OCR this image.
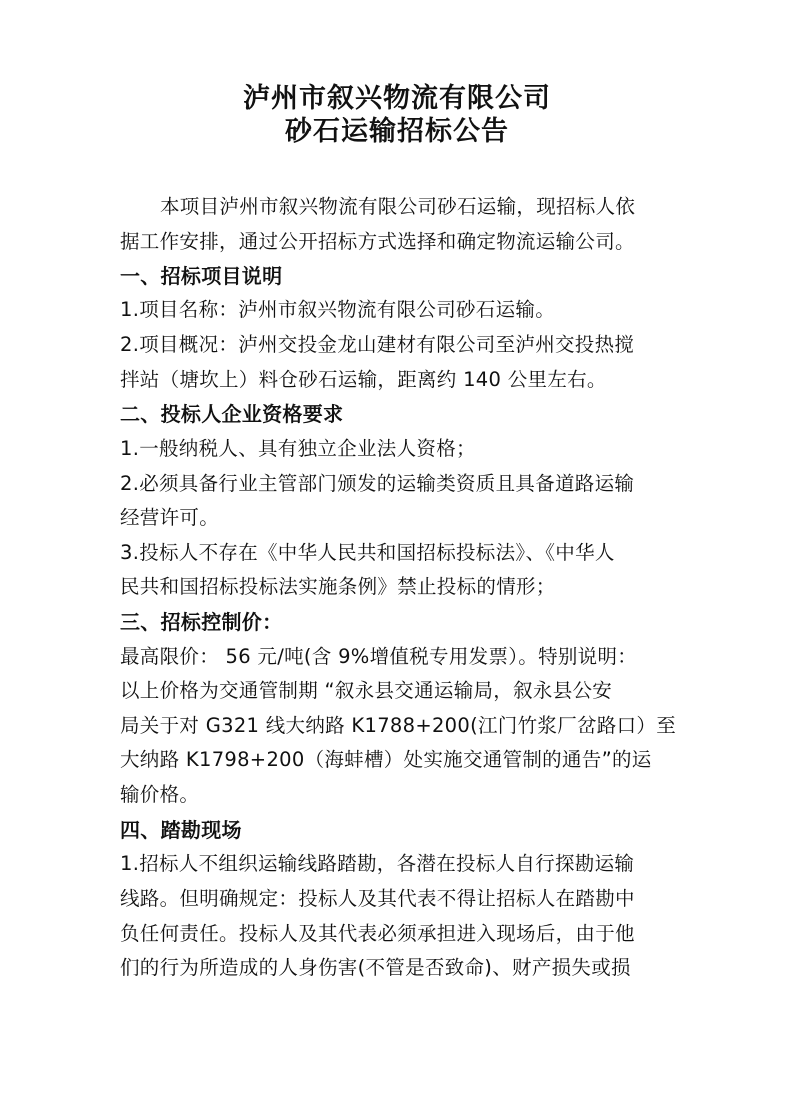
泸州市叙兴物流有限公司
砂石运输招标公告
本项目泸州市叙兴物流有限公司砂石运输，现招标人依
据工作安排，通过公开招标方式选择和确定物流运输公司。
一、招标项目说明
1.项目名称：泸州市叙兴物流有限公司砂石运输。
2.项目概况：泸州交投金龙山建材有限公司至泸州交投热搅
拌站（塘坎上）料仓砂石运输，距离约 140 公里左右。
二、投标人企业资格要求
1.一般纳税人、具有独立企业法人资格；
2.必须具备行业主管部门颁发的运输类资质且具备道路运输
经营许可。
3.投标人不存在《中华人民共和国招标投标法》、《中华人
民共和国招标投标法实施条例》禁止投标的情形；
三、招标控制价：
最高限价： 56 元/吨(含 9%增值税专用发票）。特别说明：
以上价格为交通管制期 “叙永县交通运输局，叙永县公安
局关于对 G321 线大纳路 K1788+200(江门竹浆厂岔路口）至
大纳路 K1798+200（海蚌槽）处实施交通管制的通告”的运
输价格。
四、踏勘现场
1.招标人不组织运输线路踏勘，各潜在投标人自行探勘运输
线路。但明确规定：投标人及其代表不得让招标人在踏勘中
负任何责任。投标人及其代表必须承担进入现场后，由于他
们的行为所造成的人身伤害(不管是否致命)、财产损失或损
